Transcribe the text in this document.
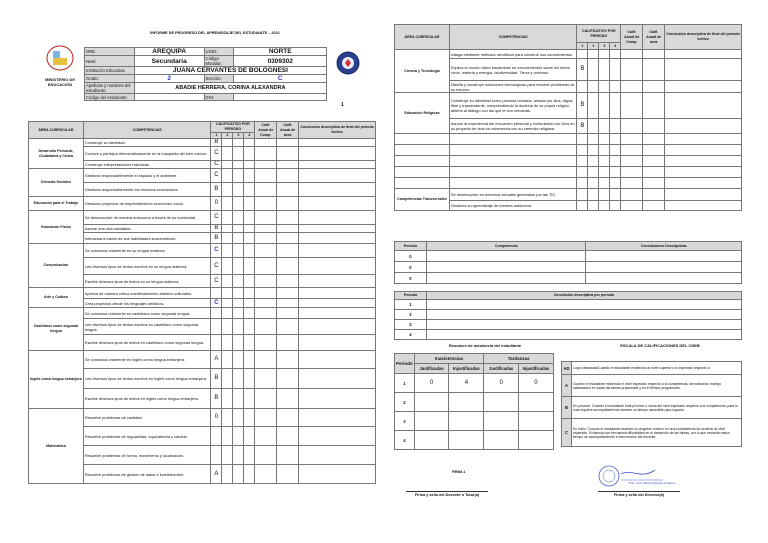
INFORME DE PROGRESO DEL APRENDIZAJE DEL ESTUDIANTE – 2021
MINISTERIO DE EDUCACIÓN
DRE:	AREQUIPA	UGEL:	NORTE
Nivel:	Secundaria	Código Modular:	0309302
Institución Educativa:	JUANA CERVANTES DE BOLOGNESI		
Grado:	2	Sección:	C
Apellidos y nombres del estudiante:	ABADIE HERRERA, CORINA ALEXANDRA		
Código del estudiante:		DNI:	
1
ÁREA CURRICULAR	COMPETENCIAS	CALIFICATIVO POR PERIODO				Calif. Anual de Comp.	Calif. Anual de área	Conclusión descriptiva de final del periodo lectivo
		1	2	3	4			
Desarrollo Personal, Ciudadanía y Cívica	Construye su identidad.	B						
	Convive y participa democráticamente en la búsqueda del bien común.	C						
	Construye interpretaciones históricas.	C						
Ciencias Sociales	Gestiona responsablemente el espacio y el ambiente.	C						
	Gestiona responsablemente los recursos económicos.	B						
Educación para el Trabajo	Gestiona proyectos de emprendimiento económico socio.	0						
Educación Física	Se desenvuelve de manera autónoma a través de su motricidad.	C						
	Asume una vida saludable.	B						
	Interactúa a través de sus habilidades sociomotrices.	B						
Comunicación	Se comunica oralmente en su lengua materna.	C						
	Lee diversos tipos de textos escritos en su lengua materna.	C						
	Escribe diversos tipos de textos en su lengua materna.	C						
Arte y Cultura	Aprecia de manera crítica manifestaciones artístico-culturales.							
	Crea proyectos desde los lenguajes artísticos.	C						
Castellano como segunda lengua	Se comunica oralmente en castellano como segunda lengua.							
	Lee diversos tipos de textos escritos en castellano como segunda lengua.							
	Escribe diversos tipos de textos en castellano como segunda lengua.							
Inglés como lengua extranjera	Se comunica oralmente en inglés como lengua extranjera.	A						
	Lee diversos tipos de textos escritos en inglés como lengua extranjera.	B						
	Escribe diversos tipos de textos en inglés como lengua extranjera.	B						
Matemática	Resuelve problemas de cantidad.	0						
	Resuelve problemas de regularidad, equivalencia y cambio.							
	Resuelve problemas de forma, movimiento y localización.							
	Resuelve problemas de gestión de datos e incertidumbre.	A						
ÁREA CURRICULAR	COMPETENCIAS	CALIFICATIVO POR PERIODO				Calif. Anual de Comp.	Calif. Anual de área	Conclusión descriptiva de final del periodo lectivo
		1	2	3	4			
Ciencia y Tecnología	indaga mediante métodos científicos para construir sus conocimientos.							
	Explica el mundo físico basándose en conocimientos sobre los seres vivos, materia y energía, biodiversidad, Tierra y universo.	B						
	Diseña y construye soluciones tecnológicas para resolver problemas de su entorno.							
Educación Religiosa	Construye su identidad como persona humana, amada por dios, digna, libre y trascendente, comprendiendo la doctrina de su propia religión, abierto al diálogo con las que le son cercanas.	B						
	Asume la experiencia del encuentro personal y comunitario con Dios en su proyecto de vida en coherencia con su creencia religiosa.	B						

Competencias Transversales	Se desenvuelve en entornos virtuales generados por las TIC.							
	Gestiona su aprendizaje de manera autónoma.							
Periodo	Competencia	Conclusiones Descriptivas
0		
0		
0		
Periodo	Conclusión descriptiva por periodo
1	
2	
3	
4	
Resumen de asistencia del estudiante	ESCALA DE CALIFICACIONES DEL CNEB
Periodo	Inasistencias		Tardanzas	
	Justificadas	Injustificadas	Justificadas	Injustificadas
1	0	4	0	0
2				
3				
4				
AD	Logro destacadoCuando el estudiante evidencia un nivel superior a lo esperado respecto a
A	Cuando el estudiante evidencia el nivel esperado respecto a la competencia, demostrando manejo satisfactorio en todas las tareas propuestas y en el tiempo programado.
B	En proceso: Cuando el estudiante está próximo o cerca del nivel esperado respecto a la competencia, para lo cual requiere acompañamiento durante un tiempo razonable para lograrlo.
C	En inicio: Cuando el estudiante muestra un progreso mínimo en una competencia de acuerdo al nivel esperado. Evidencia con frecuencia dificultades en el desarrollo de las tareas, por lo que necesita mayor tiempo de acompañamiento e intervención del docente.
FIRMA 1
Firma y sello del Docente o Tutor(a)
Prof. Juan Alfredo Barreto Cuadros
Firma y sello del Director(a)
